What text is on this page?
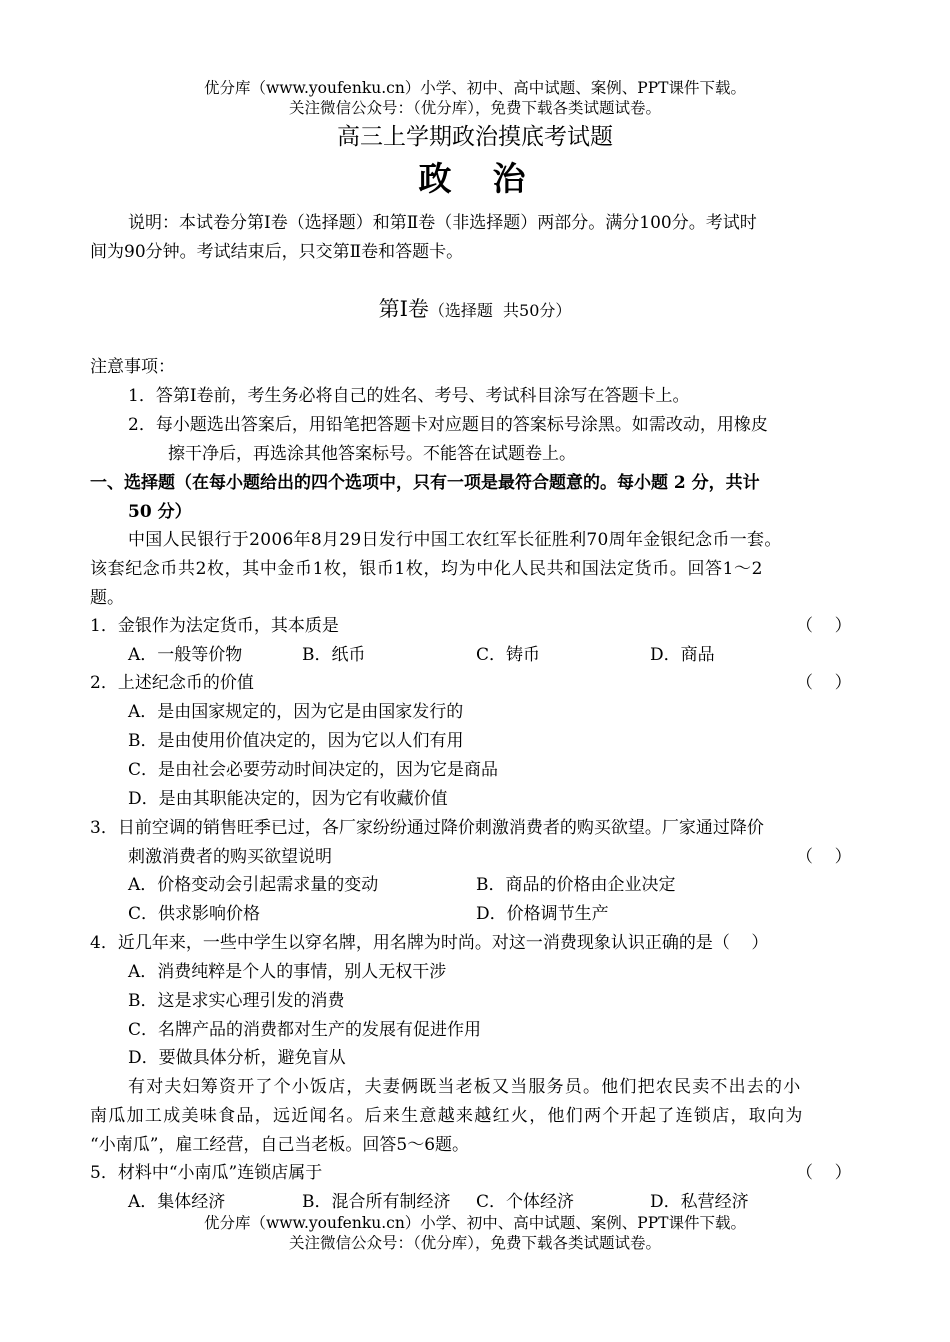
优分库（www.youfenku.cn）小学、初中、高中试题、案例、PPT课件下载。
关注微信公众号：（优分库），免费下载各类试题试卷。
高三上学期政治摸底考试题
政  治
说明：本试卷分第Ⅰ卷（选择题）和第Ⅱ卷（非选择题）两部分。满分100分。考试时
间为90分钟。考试结束后，只交第Ⅱ卷和答题卡。
第Ⅰ卷（选择题  共50分）
注意事项：
1．答第Ⅰ卷前，考生务必将自己的姓名、考号、考试科目涂写在答题卡上。
2．每小题选出答案后，用铅笔把答题卡对应题目的答案标号涂黑。如需改动，用橡皮
擦干净后，再选涂其他答案标号。不能答在试题卷上。
一、选择题（在每小题给出的四个选项中，只有一项是最符合题意的。每小题 2 分，共计
50 分）
中国人民银行于2006年8月29日发行中国工农红军长征胜利70周年金银纪念币一套。
该套纪念币共2枚，其中金币1枚，银币1枚，均为中化人民共和国法定货币。回答1～2
题。
1．金银作为法定货币，其本质是	（    ）
A．一般等价物	B．纸币	C．铸币	D．商品
2．上述纪念币的价值	（    ）
A．是由国家规定的，因为它是由国家发行的
B．是由使用价值决定的，因为它以人们有用
C．是由社会必要劳动时间决定的，因为它是商品
D．是由其职能决定的，因为它有收藏价值
3．日前空调的销售旺季已过，各厂家纷纷通过降价刺激消费者的购买欲望。厂家通过降价
刺激消费者的购买欲望说明	（    ）
A．价格变动会引起需求量的变动	B．商品的价格由企业决定
C．供求影响价格	D．价格调节生产
4．近几年来，一些中学生以穿名牌，用名牌为时尚。对这一消费现象认识正确的是（    ）
A．消费纯粹是个人的事情，别人无权干涉
B．这是求实心理引发的消费
C．名牌产品的消费都对生产的发展有促进作用
D．要做具体分析，避免盲从
有对夫妇筹资开了个小饭店，夫妻俩既当老板又当服务员。他们把农民卖不出去的小
南瓜加工成美味食品，远近闻名。后来生意越来越红火，他们两个开起了连锁店，取向为
“小南瓜”，雇工经营，自己当老板。回答5～6题。
5．材料中“小南瓜”连锁店属于	（    ）
A．集体经济	B．混合所有制经济 C．个体经济	D．私营经济
优分库（www.youfenku.cn）小学、初中、高中试题、案例、PPT课件下载。
关注微信公众号：（优分库），免费下载各类试题试卷。
